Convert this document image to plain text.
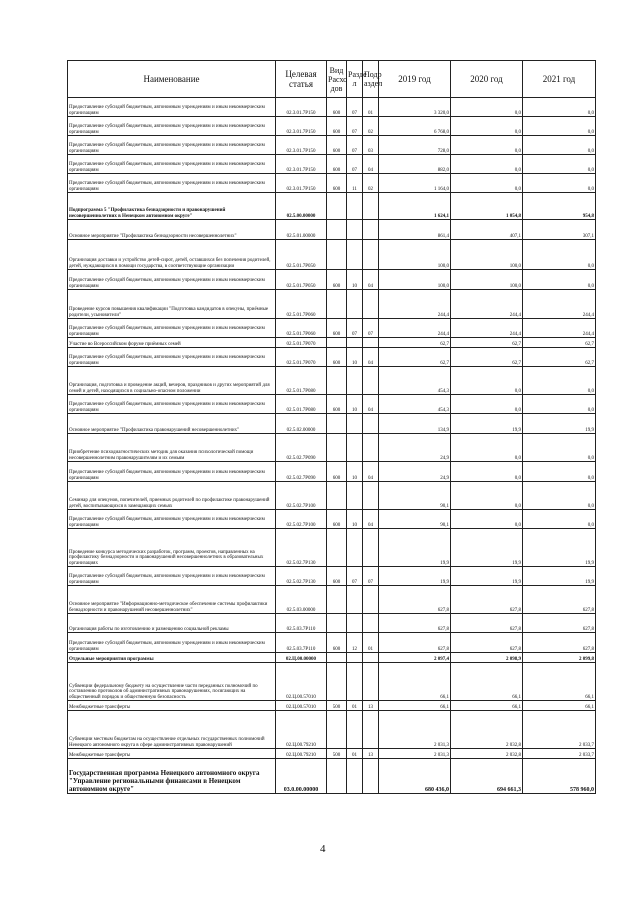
Наименование	Целевая статья	Вид Расхо дов	Разде л	Подр аздел	2019 год	2020 год	2021 год
Предоставление субсидий бюджетным, автономным учреждениям и иным некоммерческим организациям	02.3.01.7P150	600	07	01	3 320,0	0,0	0,0
Предоставление субсидий бюджетным, автономным учреждениям и иным некоммерческим организациям	02.3.01.7P150	600	07	02	6 768,0	0,0	0,0
Предоставление субсидий бюджетным, автономным учреждениям и иным некоммерческим организациям	02.3.01.7P150	600	07	03	728,0	0,0	0,0
Предоставление субсидий бюджетным, автономным учреждениям и иным некоммерческим организациям	02.3.01.7P150	600	07	04	882,0	0,0	0,0
Предоставление субсидий бюджетным, автономным учреждениям и иным некоммерческим организациям	02.3.01.7P150	600	11	02	1 164,0	0,0	0,0
Подпрограмма 5 "Профилактика безнадзорности и правонарушений несовершеннолетних в Ненецком автономном округе"	02.5.00.00000				1 624,1	1 054,8	954,8
Основное мероприятие "Профилактика безнадзорности несовершеннолетних"	02.5.01.00000				861,4	407,1	307,1
Организация доставки и устройство детей-сирот, детей, оставшихся без попечения родителей, детей, нуждающихся в помощи государства, в соответствующие организации	02.5.01.7P050				100,0	100,0	0,0
Предоставление субсидий бюджетным, автономным учреждениям и иным некоммерческим организациям	02.5.01.7P050	600	10	04	100,0	100,0	0,0
Проведение курсов повышения квалификации "Подготовка кандидатов в опекуны, приёмные родители, усыновители"	02.5.01.7P060				244,4	244,4	244,4
Предоставление субсидий бюджетным, автономным учреждениям и иным некоммерческим организациям	02.5.01.7P060	600	07	07	244,4	244,4	244,4
Участие во Всероссийском форуме приёмных семей	02.5.01.7P070				62,7	62,7	62,7
Предоставление субсидий бюджетным, автономным учреждениям и иным некоммерческим организациям	02.5.01.7P070	600	10	04	62,7	62,7	62,7
Организация, подготовка и проведение акций, вечеров, праздников и других мероприятий для семей и детей, находящихся в социально-опасном положении	02.5.01.7P080				454,3	0,0	0,0
Предоставление субсидий бюджетным, автономным учреждениям и иным некоммерческим организациям	02.5.01.7P080	600	10	04	454,3	0,0	0,0
Основное мероприятие "Профилактика правонарушений несовершеннолетних"	02.5.02.00000				134,9	19,9	19,9
Приобретение психодиагностических методик для оказания психологической помощи несовершеннолетним правонарушителям и их семьям	02.5.02.7P090				24,9	0,0	0,0
Предоставление субсидий бюджетным, автономным учреждениям и иным некоммерческим организациям	02.5.02.7P090	600	10	04	24,9	0,0	0,0
Семинар для опекунов, попечителей, приемных родителей по профилактике правонарушений детей, воспитывающихся в замещающих семьях	02.5.02.7P100				90,1	0,0	0,0
Предоставление субсидий бюджетным, автономным учреждениям и иным некоммерческим организациям	02.5.02.7P100	600	10	04	90,1	0,0	0,0
Проведение конкурса методических разработок, программ, проектов, направленных на профилактику безнадзорности и правонарушений несовершеннолетних в образовательных организациях	02.5.02.7P130				19,9	19,9	19,9
Предоставление субсидий бюджетным, автономным учреждениям и иным некоммерческим организациям	02.5.02.7P130	600	07	07	19,9	19,9	19,9
Основное мероприятие "Информационно-методическое обеспечение системы профилактики безнадзорности и правонарушений несовершеннолетних"	02.5.03.00000				627,8	627,8	627,8
Организация работы по изготовлению и размещению социальной рекламы	02.5.03.7P110				627,8	627,8	627,8
Предоставление субсидий бюджетным, автономным учреждениям и иным некоммерческим организациям	02.5.03.7P110	600	12	01	627,8	627,8	627,8
Отдельные мероприятия программы	02.Ц.00.00000				2 097,4	2 098,9	2 099,8
Субвенции федеральному бюджету на осуществление части переданных полномочий по составлению протоколов об административных правонарушениях, посягающих на общественный порядок и общественную безопасность	02.Ц.00.57010				66,1	66,1	66,1
Межбюджетные трансферты	02.Ц.00.57010	500	01	13	66,1	66,1	66,1
Субвенции местным бюджетам на осуществление отдельных государственных полномочий Ненецкого автономного округа в сфере административных правонарушений	02.Ц.00.79210				2 031,3	2 032,8	2 033,7
Межбюджетные трансферты	02.Ц.00.79210	500	01	13	2 031,3	2 032,8	2 033,7
Государственная программа Ненецкого автономного округа "Управление региональными финансами в Ненецком автономном округе"	03.0.00.00000				680 436,0	694 661,3	578 960,0
4
